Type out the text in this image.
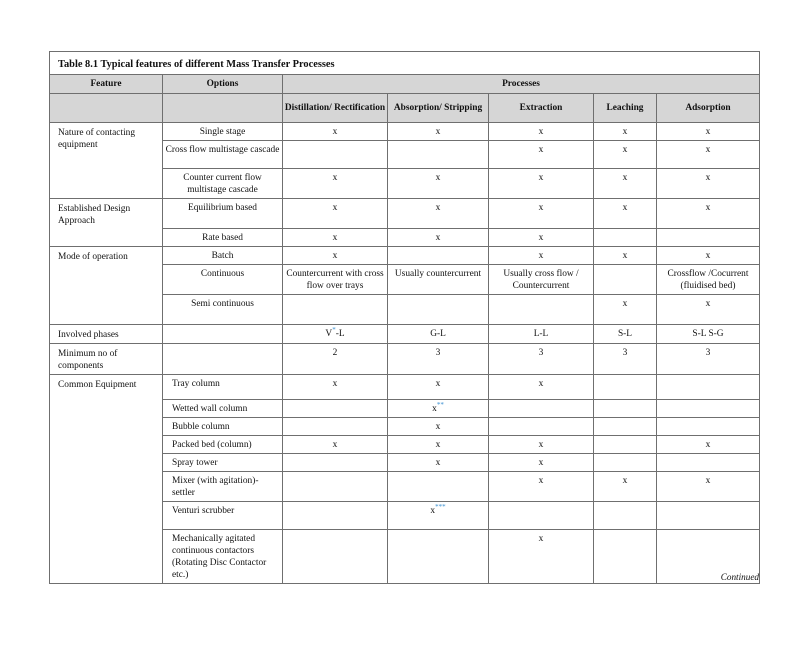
Table 8.1 Typical features of different Mass Transfer Processes						
Feature	Options	Processes				
		Distillation/ Rectification	Absorption/ Stripping	Extraction	Leaching	Adsorption
Nature of contacting equipment	Single stage	x	x	x	x	x
	Cross flow multistage cascade			x	x	x
	Counter current flow multistage cascade	x	x	x	x	x
Established Design Approach	Equilibrium based	x	x	x	x	x
	Rate based	x	x	x		
Mode of operation	Batch	x		x	x	x
	Continuous	Countercurrent with cross flow over trays	Usually countercurrent	Usually cross flow / Countercurrent		Crossflow /Cocurrent (fluidised bed)
	Semi continuous				x	x
Involved phases		V*-L	G-L	L-L	S-L	S-L S-G
Minimum no of components		2	3	3	3	3
Common Equipment	Tray column	x	x	x		
	Wetted wall column		x**			
	Bubble column		x			
	Packed bed (column)	x	x	x		x
	Spray tower		x	x		
	Mixer (with agitation)-settler			x	x	x
	Venturi scrubber		x***			
	Mechanically agitated continuous contactors (Rotating Disc Contactor etc.)			x		
Continued
